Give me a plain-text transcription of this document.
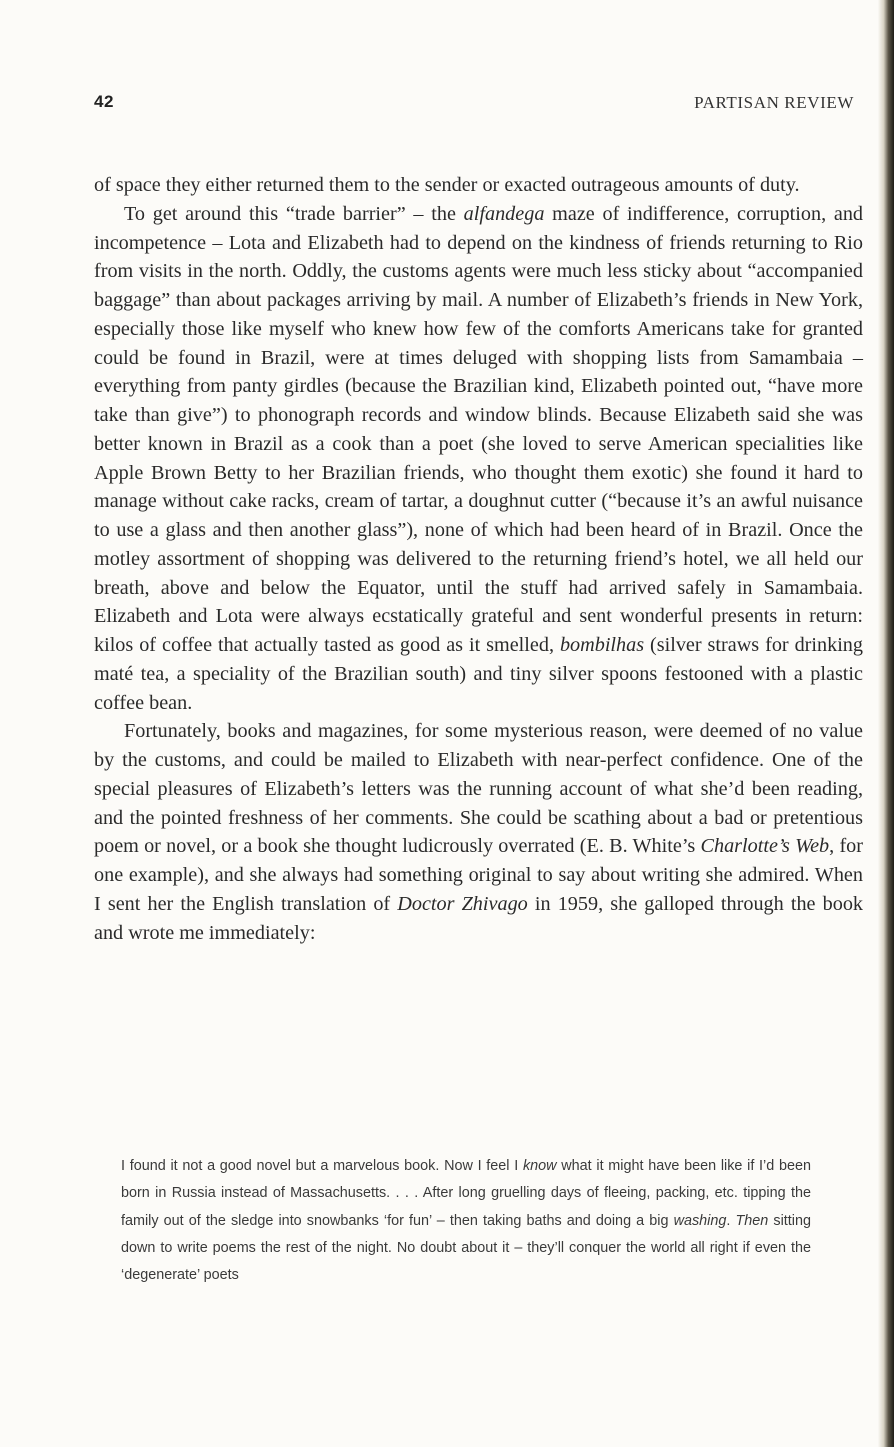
42	PARTISAN REVIEW

of space they either returned them to the sender or exacted outrageous amounts of duty.

To get around this “trade barrier” – the alfandega maze of indifference, corruption, and incompetence – Lota and Elizabeth had to depend on the kindness of friends returning to Rio from visits in the north. Oddly, the customs agents were much less sticky about “accompanied baggage” than about packages arriving by mail. A number of Elizabeth’s friends in New York, especially those like myself who knew how few of the comforts Americans take for granted could be found in Brazil, were at times deluged with shopping lists from Samambaia – everything from panty girdles (because the Brazilian kind, Elizabeth pointed out, “have more take than give”) to phonograph records and window blinds. Because Elizabeth said she was better known in Brazil as a cook than a poet (she loved to serve American specialities like Apple Brown Betty to her Brazilian friends, who thought them exotic) she found it hard to manage without cake racks, cream of tartar, a doughnut cutter (“because it’s an awful nuisance to use a glass and then another glass”), none of which had been heard of in Brazil. Once the motley assortment of shopping was delivered to the returning friend’s hotel, we all held our breath, above and below the Equator, until the stuff had arrived safely in Samambaia. Elizabeth and Lota were always ecstatically grateful and sent wonderful presents in return: kilos of coffee that actually tasted as good as it smelled, bombilhas (silver straws for drinking maté tea, a speciality of the Brazilian south) and tiny silver spoons festooned with a plastic coffee bean.

Fortunately, books and magazines, for some mysterious reason, were deemed of no value by the customs, and could be mailed to Elizabeth with near-perfect confidence. One of the special pleasures of Elizabeth’s letters was the running account of what she’d been reading, and the pointed freshness of her comments. She could be scathing about a bad or pretentious poem or novel, or a book she thought ludicrously overrated (E. B. White’s Charlotte’s Web, for one example), and she always had something original to say about writing she admired. When I sent her the English translation of Doctor Zhivago in 1959, she galloped through the book and wrote me immediately:

I found it not a good novel but a marvelous book. Now I feel I know what it might have been like if I’d been born in Russia instead of Massachusetts. . . . After long gruelling days of fleeing, packing, etc. tipping the family out of the sledge into snowbanks ‘for fun’ – then taking baths and doing a big washing. Then sitting down to write poems the rest of the night. No doubt about it – they’ll conquer the world all right if even the ‘degenerate’ poets
